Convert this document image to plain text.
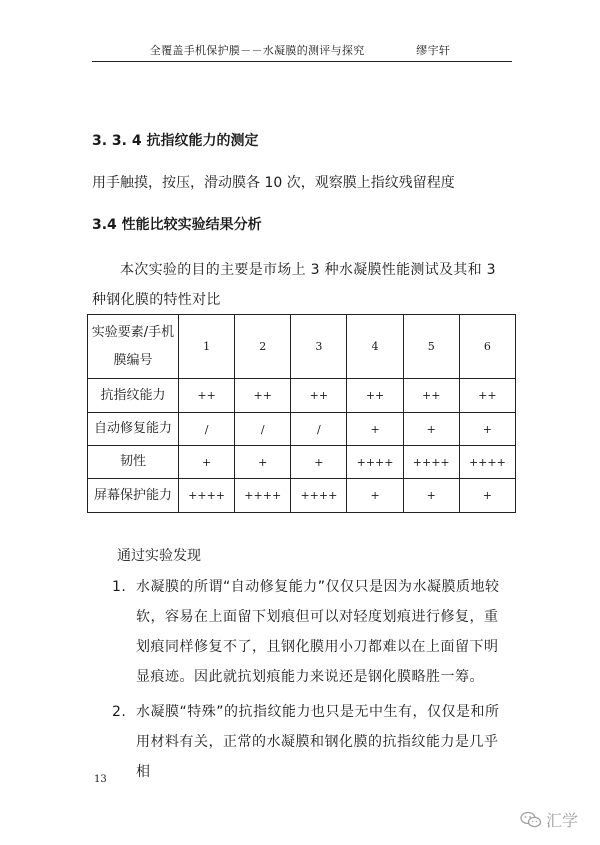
全覆盖手机保护膜－－水凝膜的测评与探究	缪宇轩
3. 3. 4 抗指纹能力的测定
用手触摸，按压，滑动膜各 10 次，观察膜上指纹残留程度
3.4 性能比较实验结果分析
本次实验的目的主要是市场上 3 种水凝膜性能测试及其和 3 种钢化膜的特性对比
实验要素/手机膜编号	1	2	3	4	5	6
抗指纹能力	++	++	++	++	++	++
自动修复能力	/	/	/	+	+	+
韧性	+	+	+	++++	++++	++++
屏幕保护能力	++++	++++	++++	+	+	+
通过实验发现
1. 水凝膜的所谓“自动修复能力”仅仅只是因为水凝膜质地较软，容易在上面留下划痕但可以对轻度划痕进行修复，重划痕同样修复不了，且钢化膜用小刀都难以在上面留下明显痕迹。因此就抗划痕能力来说还是钢化膜略胜一筹。
2. 水凝膜“特殊”的抗指纹能力也只是无中生有，仅仅是和所用材料有关，正常的水凝膜和钢化膜的抗指纹能力是几乎相
13
汇学
